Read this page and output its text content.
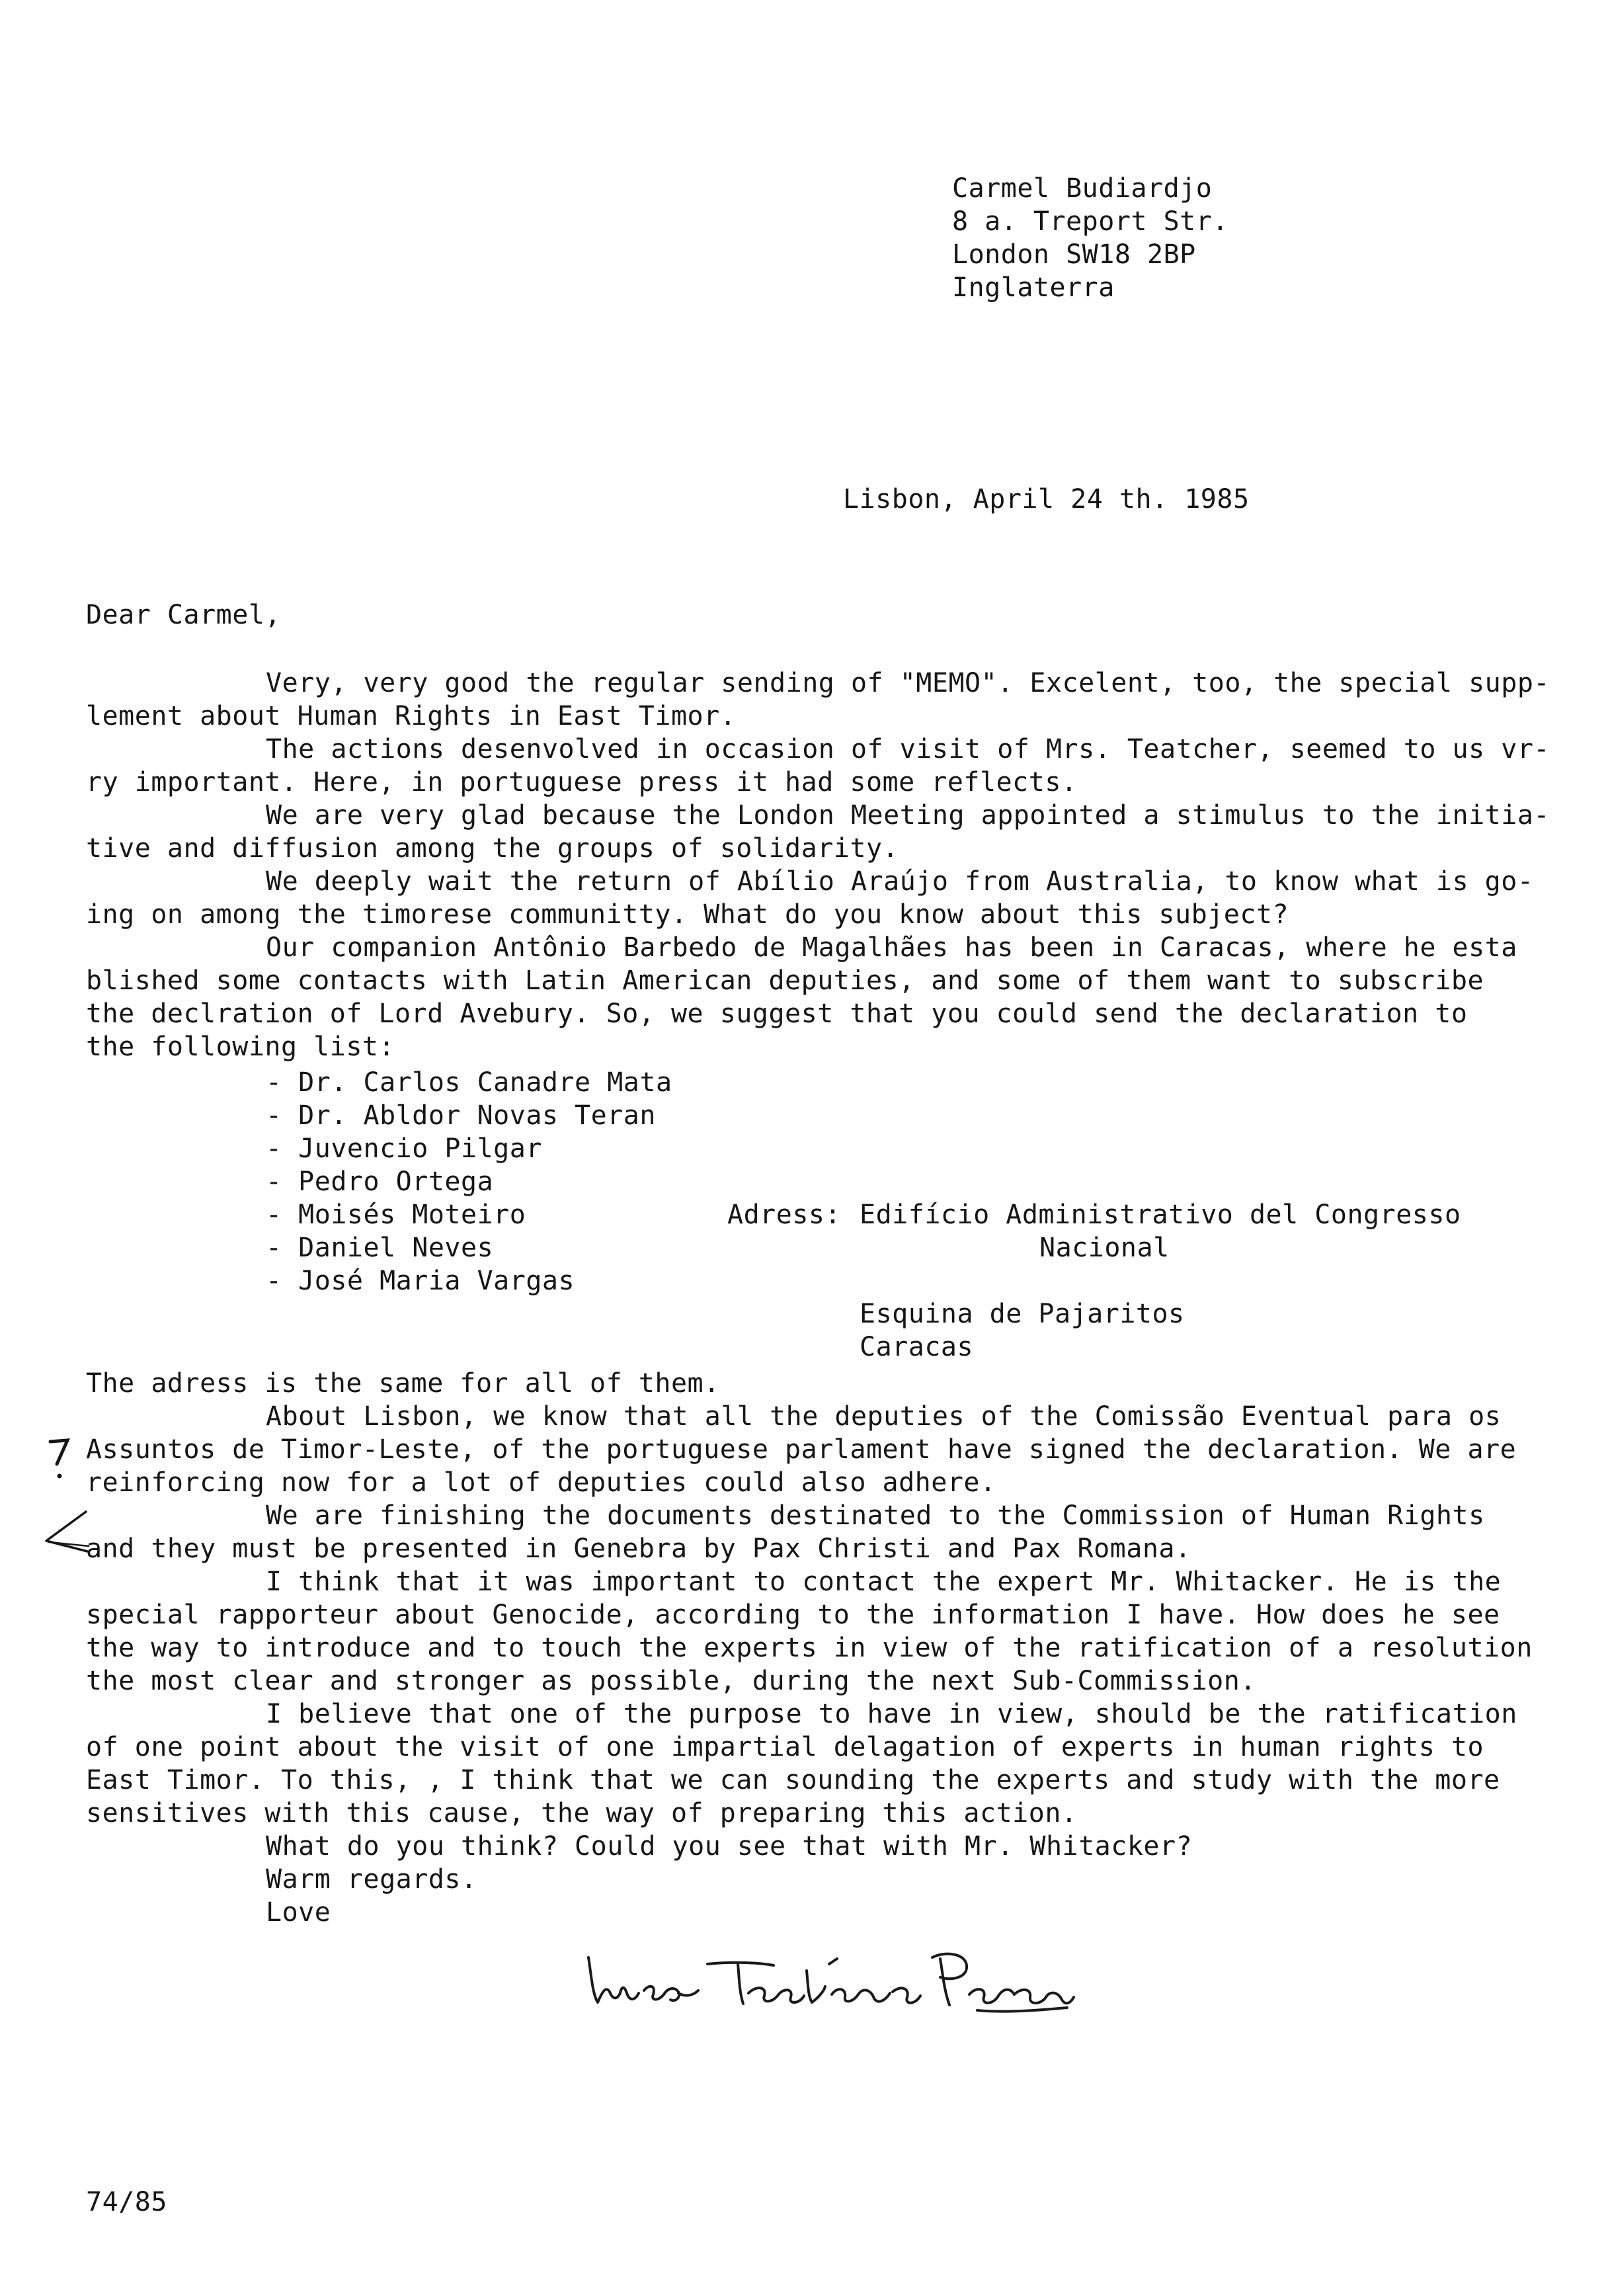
Carmel Budiardjo
8 a. Treport Str.
London SW18 2BP
Inglaterra
Lisbon, April 24 th. 1985
Dear Carmel,
Very, very good the regular sending of "MEMO". Excelent, too, the special supp-
lement about Human Rights in East Timor.
The actions desenvolved in occasion of visit of Mrs. Teatcher, seemed to us vr-
ry important. Here, in portuguese press it had some reflects.
We are very glad because the London Meeting appointed a stimulus to the initia-
tive and diffusion among the groups of solidarity.
We deeply wait the return of Abílio Araújo from Australia, to know what is go-
ing on among the timorese communitty. What do you know about this subject?
Our companion Antônio Barbedo de Magalhães has been in Caracas, where he esta
blished some contacts with Latin American deputies, and some of them want to subscribe
the declration of Lord Avebury. So, we suggest that you could send the declaration to
the following list:
- Dr. Carlos Canadre Mata
- Dr. Abldor Novas Teran
- Juvencio Pilgar
- Pedro Ortega
- Moisés Moteiro
- Daniel Neves
- José Maria Vargas
Adress: Edifício Administrativo del Congresso
Nacional
Esquina de Pajaritos
Caracas
The adress is the same for all of them.
About Lisbon, we know that all the deputies of the Comissão Eventual para os
Assuntos de Timor-Leste, of the portuguese parlament have signed the declaration. We are
reinforcing now for a lot of deputies could also adhere.
We are finishing the documents destinated to the Commission of Human Rights
and they must be presented in Genebra by Pax Christi and Pax Romana.
I think that it was important to contact the expert Mr. Whitacker. He is the
special rapporteur about Genocide, according to the information I have. How does he see
the way to introduce and to touch the experts in view of the ratification of a resolution
the most clear and stronger as possible, during the next Sub-Commission.
I believe that one of the purpose to have in view, should be the ratification
of one point about the visit of one impartial delagation of experts in human rights to
East Timor. To this, , I think that we can sounding the experts and study with the more
sensitives with this cause, the way of preparing this action.
What do you think? Could you see that with Mr. Whitacker?
Warm regards.
Love
74/85
